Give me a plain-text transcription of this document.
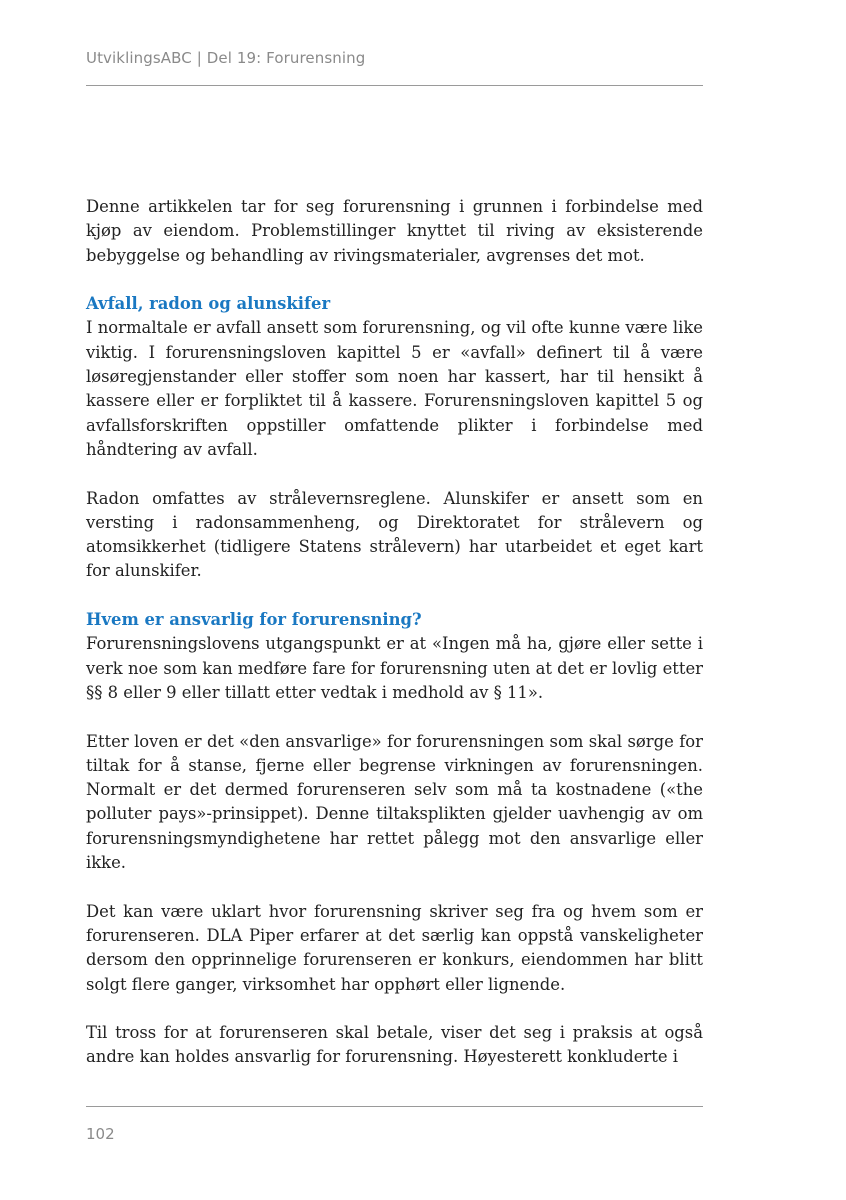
UtviklingsABC | Del 19: Forurensning

Denne artikkelen tar for seg forurensning i grunnen i forbindelse med kjøp av eiendom. Problemstillinger knyttet til riving av eksisterende bebyggelse og behandling av rivingsmaterialer, avgrenses det mot.

Avfall, radon og alunskifer

I normaltale er avfall ansett som forurensning, og vil ofte kunne være like viktig. I forurensningsloven kapittel 5 er «avfall» definert til å være løsøregjenstander eller stoffer som noen har kassert, har til hensikt å kassere eller er forpliktet til å kassere. Forurensningsloven kapittel 5 og avfallsforskriften oppstiller omfattende plikter i forbindelse med håndtering av avfall.

Radon omfattes av strålevernsreglene. Alunskifer er ansett som en versting i radonsammenheng, og Direktoratet for strålevern og atomsikkerhet (tidligere Statens strålevern) har utarbeidet et eget kart for alunskifer.

Hvem er ansvarlig for forurensning?

Forurensningslovens utgangspunkt er at «Ingen må ha, gjøre eller sette i verk noe som kan medføre fare for forurensning uten at det er lovlig etter §§ 8 eller 9 eller tillatt etter vedtak i medhold av § 11».

Etter loven er det «den ansvarlige» for forurensningen som skal sørge for tiltak for å stanse, fjerne eller begrense virkningen av forurensningen. Normalt er det dermed forurenseren selv som må ta kostnadene («the polluter pays»-prinsippet). Denne tiltaksplikten gjelder uavhengig av om forurensningsmyndighetene har rettet pålegg mot den ansvarlige eller ikke.

Det kan være uklart hvor forurensning skriver seg fra og hvem som er forurenseren. DLA Piper erfarer at det særlig kan oppstå vanskeligheter dersom den opprinnelige forurenseren er konkurs, eiendommen har blitt solgt flere ganger, virksomhet har opphørt eller lignende.

Til tross for at forurenseren skal betale, viser det seg i praksis at også andre kan holdes ansvarlig for forurensning. Høyesterett konkluderte i

102
